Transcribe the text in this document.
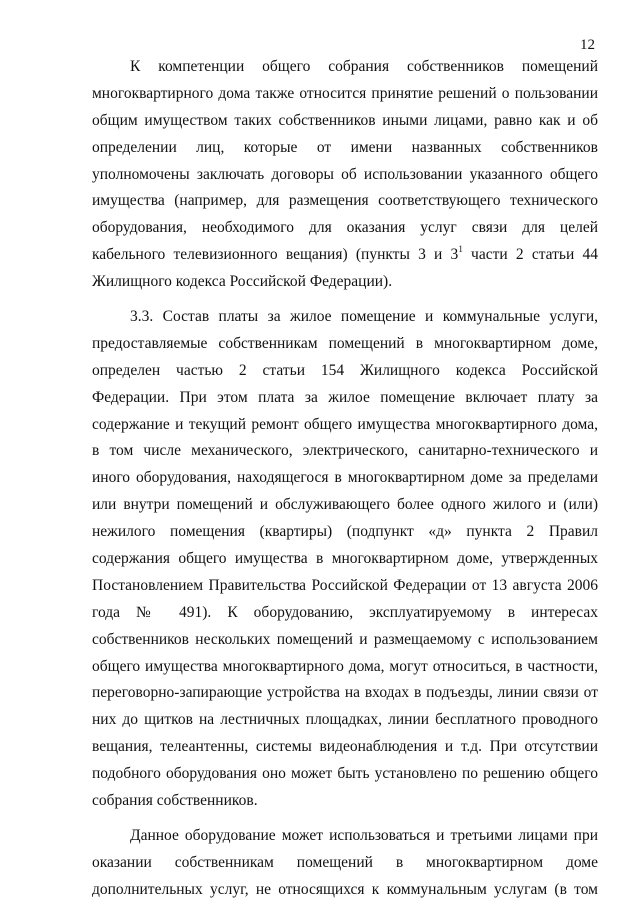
12
К компетенции общего собрания собственников помещений
многоквартирного дома также относится принятие решений о пользовании
общим имуществом таких собственников иными лицами, равно как и об
определении лиц, которые от имени названных собственников
уполномочены заключать договоры об использовании указанного общего
имущества (например, для размещения соответствующего технического
оборудования, необходимого для оказания услуг связи для целей
кабельного телевизионного вещания) (пункты 3 и $3^1$ части 2 статьи 44
Жилищного кодекса Российской Федерации).
3.3. Состав платы за жилое помещение и коммунальные услуги,
предоставляемые собственникам помещений в многоквартирном доме,
определен частью 2 статьи 154 Жилищного кодекса Российской
Федерации. При этом плата за жилое помещение включает плату за
содержание и текущий ремонт общего имущества многоквартирного дома,
в том числе механического, электрического, санитарно-технического и
иного оборудования, находящегося в многоквартирном доме за пределами
или внутри помещений и обслуживающего более одного жилого и (или)
нежилого помещения (квартиры) (подпункт «д» пункта 2 Правил
содержания общего имущества в многоквартирном доме, утвержденных
Постановлением Правительства Российской Федерации от 13 августа 2006
года № 491). К оборудованию, эксплуатируемому в интересах
собственников нескольких помещений и размещаемому с использованием
общего имущества многоквартирного дома, могут относиться, в частности,
переговорно-запирающие устройства на входах в подъезды, линии связи от
них до щитков на лестничных площадках, линии бесплатного проводного
вещания, телеантенны, системы видеонаблюдения и т.д. При отсутствии
подобного оборудования оно может быть установлено по решению общего
собрания собственников.
Данное оборудование может использоваться и третьими лицами при
оказании собственникам помещений в многоквартирном доме
дополнительных услуг, не относящихся к коммунальным услугам (в том
